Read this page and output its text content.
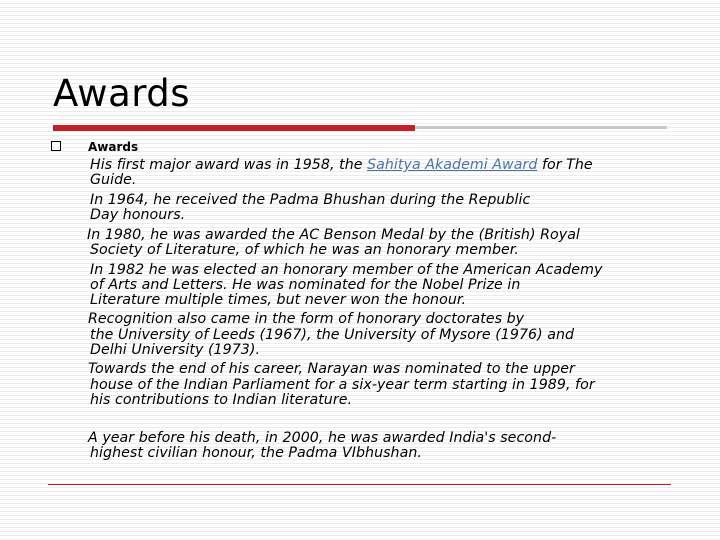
Awards

Awards

His first major award was in 1958, the Sahitya Akademi Award for The

Guide.

In 1964, he received the Padma Bhushan during the Republic

Day honours.

In 1980, he was awarded the AC Benson Medal by the (British) Royal

Society of Literature, of which he was an honorary member.

In 1982 he was elected an honorary member of the American Academy

of Arts and Letters. He was nominated for the Nobel Prize in

Literature multiple times, but never won the honour.

Recognition also came in the form of honorary doctorates by

the University of Leeds (1967), the University of Mysore (1976) and

Delhi University (1973).

Towards the end of his career, Narayan was nominated to the upper

house of the Indian Parliament for a six-year term starting in 1989, for

his contributions to Indian literature.

A year before his death, in 2000, he was awarded India's second-

highest civilian honour, the Padma VIbhushan.
